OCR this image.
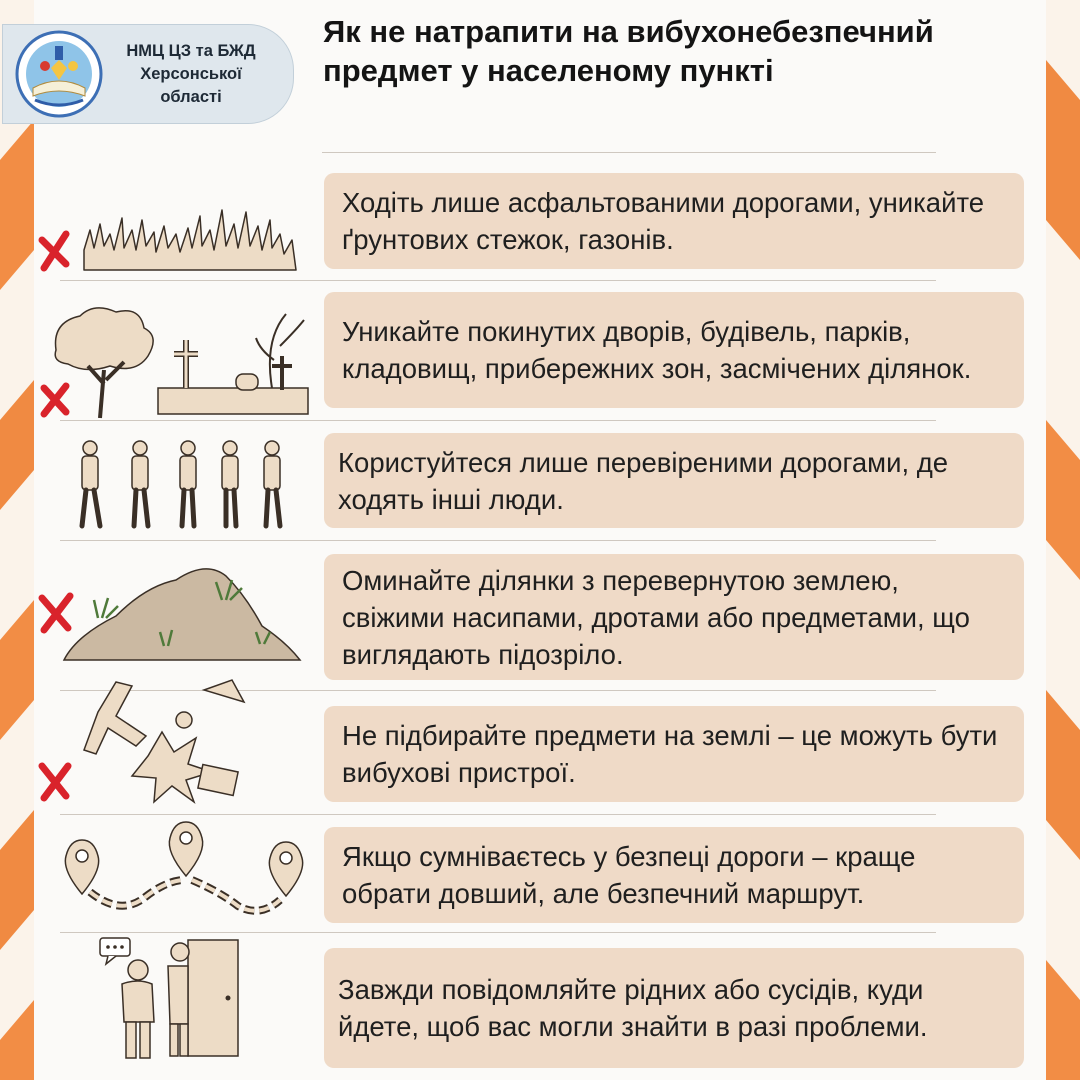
НМЦ ЦЗ та БЖД
Херсонської
області
Як не натрапити на вибухонебезпечний предмет у населеному пункті
Ходіть лише асфальтованими дорогами, уникайте ґрунтових стежок, газонів.
Уникайте покинутих дворів, будівель, парків, кладовищ, прибережних зон, засмічених ділянок.
Користуйтеся лише перевіреними дорогами, де ходять інші люди.
Оминайте ділянки з перевернутою землею, свіжими насипами, дротами або предметами, що виглядають підозріло.
Не підбирайте предмети на землі – це можуть бути вибухові пристрої.
Якщо сумніваєтесь у безпеці дороги – краще обрати довший, але безпечний маршрут.
Завжди повідомляйте рідних або сусідів, куди йдете, щоб вас могли знайти в разі проблеми.
